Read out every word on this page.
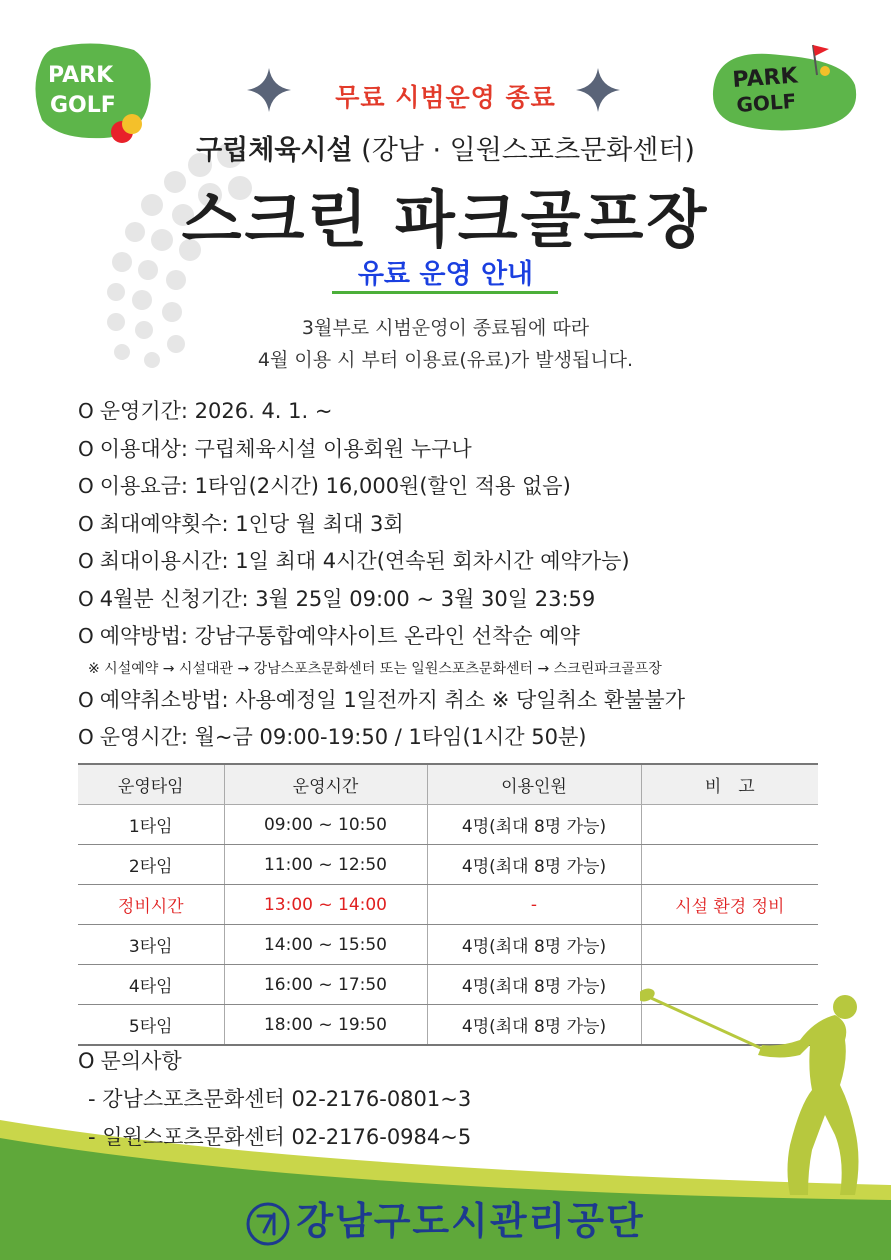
PARK
GOLF
PARK
GOLF
무료 시범운영 종료
구립체육시설 (강남 · 일원스포츠문화센터)
스크린 파크골프장
유료 운영 안내
3월부로 시범운영이 종료됨에 따라
4월 이용 시 부터 이용료(유료)가 발생됩니다.
O 운영기간: 2026. 4. 1. ~
O 이용대상: 구립체육시설 이용회원 누구나
O 이용요금: 1타임(2시간) 16,000원(할인 적용 없음)
O 최대예약횟수: 1인당 월 최대 3회
O 최대이용시간: 1일 최대 4시간(연속된 회차시간 예약가능)
O 4월분 신청기간: 3월 25일 09:00 ~ 3월 30일 23:59
O 예약방법: 강남구통합예약사이트 온라인 선착순 예약
※ 시설예약 → 시설대관 → 강남스포츠문화센터 또는 일원스포츠문화센터 → 스크린파크골프장
O 예약취소방법: 사용예정일 1일전까지 취소 ※ 당일취소 환불불가
O 운영시간: 월~금 09:00-19:50 / 1타임(1시간 50분)
운영타임	운영시간	이용인원	비　고
1타임	09:00 ~ 10:50	4명(최대 8명 가능)	
2타임	11:00 ~ 12:50	4명(최대 8명 가능)	
정비시간	13:00 ~ 14:00	-	시설 환경 정비
3타임	14:00 ~ 15:50	4명(최대 8명 가능)	
4타임	16:00 ~ 17:50	4명(최대 8명 가능)	
5타임	18:00 ~ 19:50	4명(최대 8명 가능)	
O 문의사항
- 강남스포츠문화센터 02-2176-0801~3
- 일원스포츠문화센터 02-2176-0984~5
강남구도시관리공단
